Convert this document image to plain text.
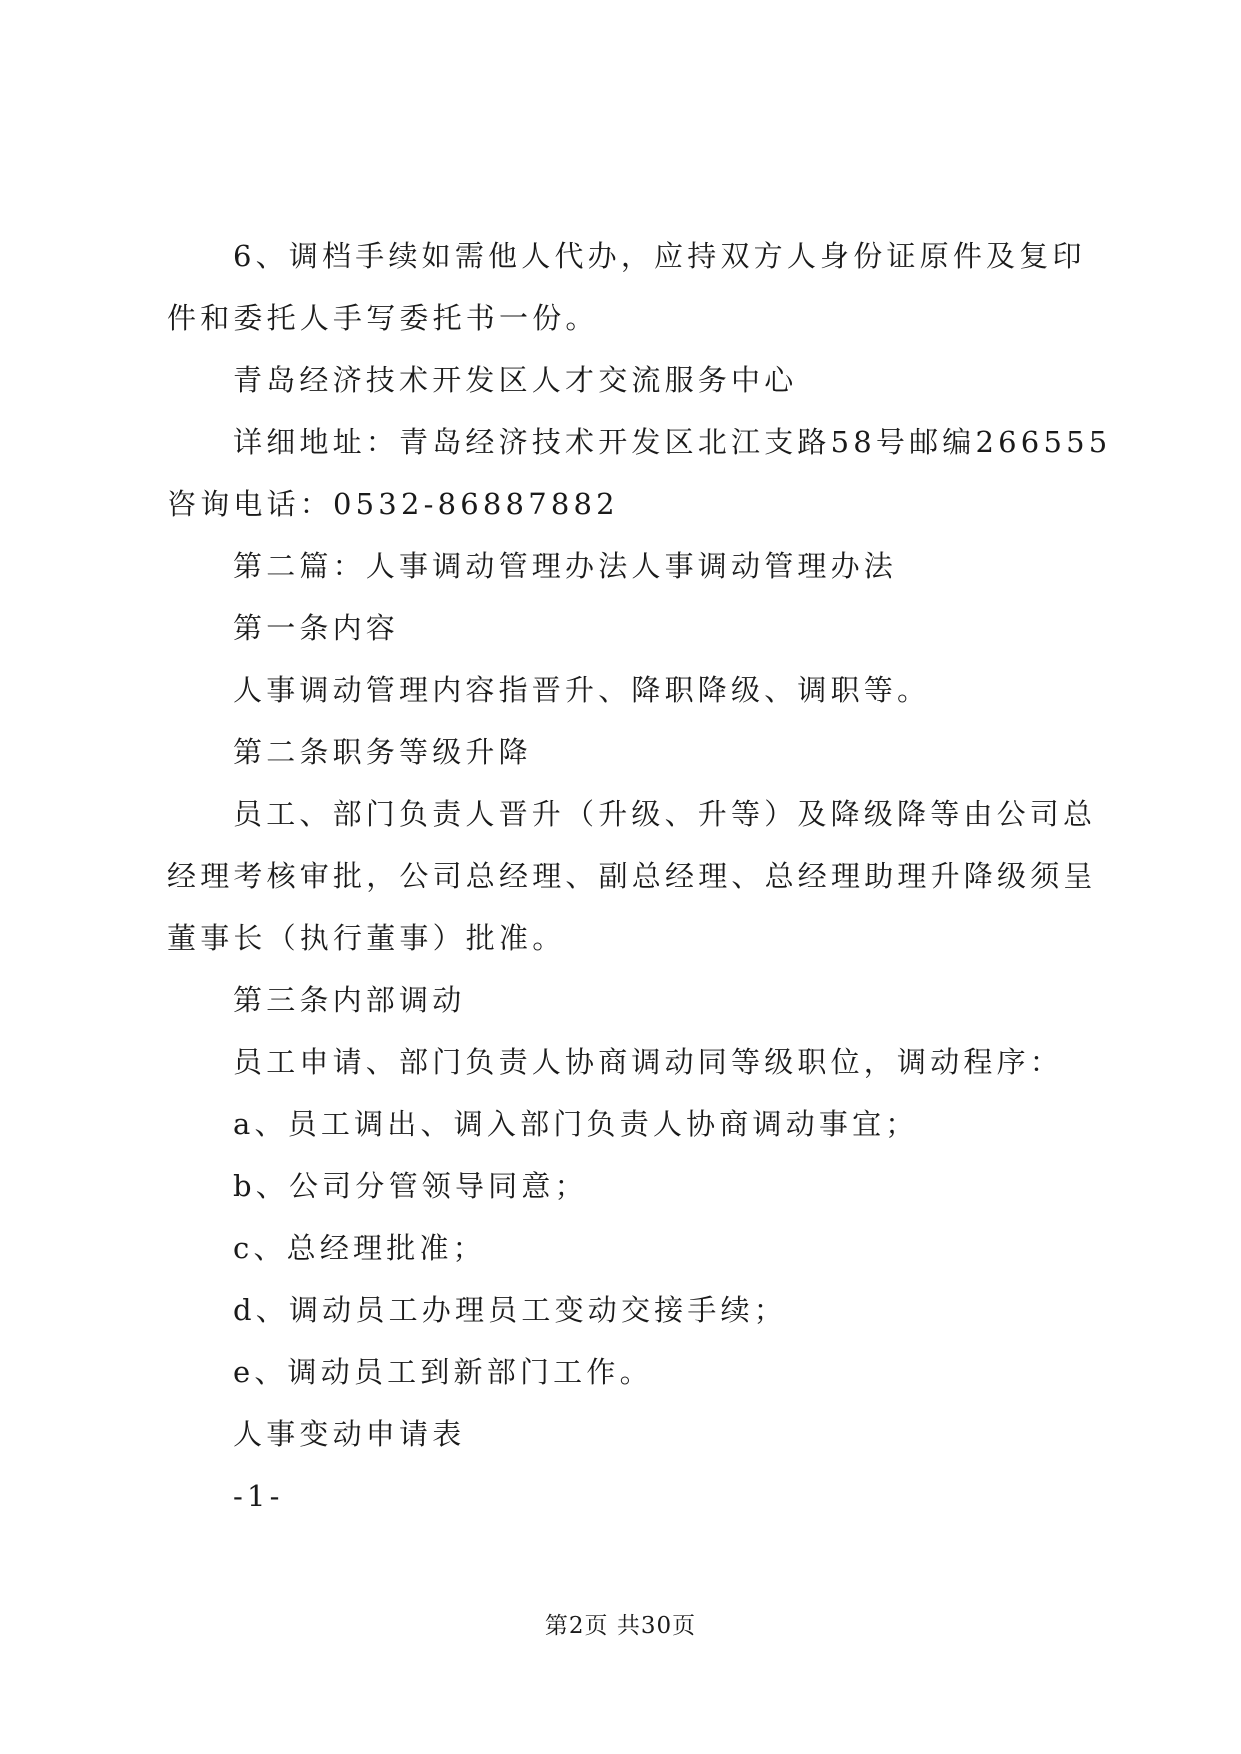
6、调档手续如需他人代办，应持双方人身份证原件及复印
件和委托人手写委托书一份。
青岛经济技术开发区人才交流服务中心
详细地址：青岛经济技术开发区北江支路58号邮编266555
咨询电话：0532-86887882
第二篇：人事调动管理办法人事调动管理办法
第一条内容
人事调动管理内容指晋升、降职降级、调职等。
第二条职务等级升降
员工、部门负责人晋升（升级、升等）及降级降等由公司总
经理考核审批，公司总经理、副总经理、总经理助理升降级须呈
董事长（执行董事）批准。
第三条内部调动
员工申请、部门负责人协商调动同等级职位，调动程序：
a、员工调出、调入部门负责人协商调动事宜；
b、公司分管领导同意；
c、总经理批准；
d、调动员工办理员工变动交接手续；
e、调动员工到新部门工作。
人事变动申请表
-1-
第2页 共30页
